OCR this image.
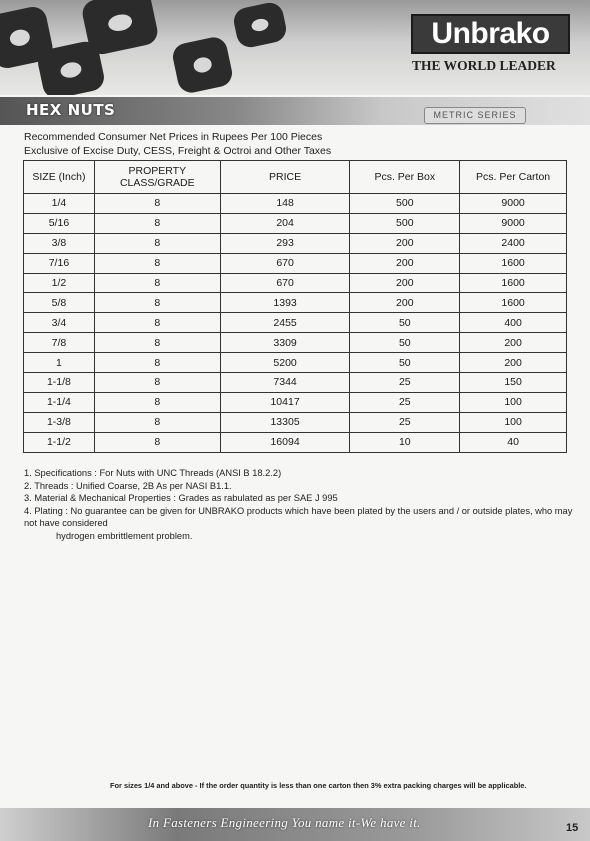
Unbrako
THE WORLD LEADER
HEX NUTS	METRIC SERIES
Recommended Consumer Net Prices in Rupees Per 100 Pieces
Exclusive of Excise Duty, CESS, Freight & Octroi and Other Taxes
SIZE (Inch)	PROPERTY CLASS/GRADE	PRICE	Pcs. Per Box	Pcs. Per Carton
1/4	8	148	500	9000
5/16	8	204	500	9000
3/8	8	293	200	2400
7/16	8	670	200	1600
1/2	8	670	200	1600
5/8	8	1393	200	1600
3/4	8	2455	50	400
7/8	8	3309	50	200
1	8	5200	50	200
1-1/8	8	7344	25	150
1-1/4	8	10417	25	100
1-3/8	8	13305	25	100
1-1/2	8	16094	10	40
1. Specifications : For Nuts with UNC Threads (ANSI B 18.2.2)
2. Threads : Unified Coarse, 2B As per NASI B1.1.
3. Material & Mechanical Properties : Grades as rabulated as per SAE J 995
4. Plating : No guarantee can be given for UNBRAKO products which have been plated by the users and / or outside plates, who may not have considered
hydrogen embrittlement problem.
For sizes 1/4 and above - If the order quantity is less than one carton then 3% extra packing charges will be applicable.
In Fasteners Engineering You name it-We have it.	15
